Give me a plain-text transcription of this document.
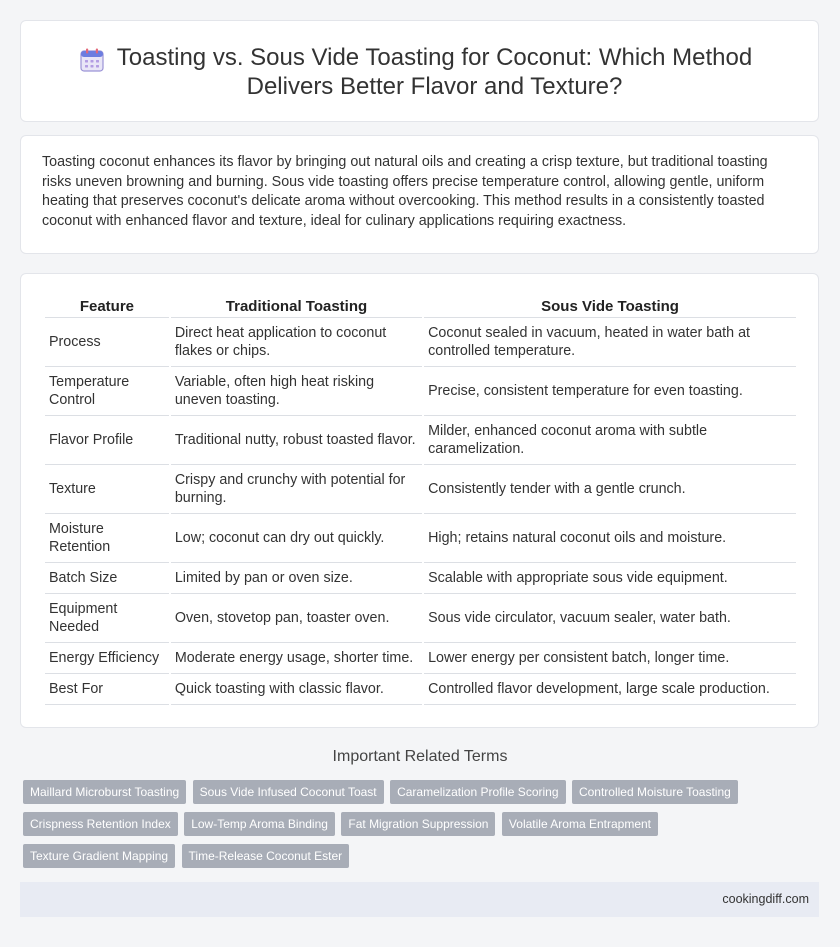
Toasting vs. Sous Vide Toasting for Coconut: Which Method Delivers Better Flavor and Texture?

Toasting coconut enhances its flavor by bringing out natural oils and creating a crisp texture, but traditional toasting risks uneven browning and burning. Sous vide toasting offers precise temperature control, allowing gentle, uniform heating that preserves coconut's delicate aroma without overcooking. This method results in a consistently toasted coconut with enhanced flavor and texture, ideal for culinary applications requiring exactness.

Feature	Traditional Toasting	Sous Vide Toasting
Process	Direct heat application to coconut flakes or chips.	Coconut sealed in vacuum, heated in water bath at controlled temperature.
Temperature Control	Variable, often high heat risking uneven toasting.	Precise, consistent temperature for even toasting.
Flavor Profile	Traditional nutty, robust toasted flavor.	Milder, enhanced coconut aroma with subtle caramelization.
Texture	Crispy and crunchy with potential for burning.	Consistently tender with a gentle crunch.
Moisture Retention	Low; coconut can dry out quickly.	High; retains natural coconut oils and moisture.
Batch Size	Limited by pan or oven size.	Scalable with appropriate sous vide equipment.
Equipment Needed	Oven, stovetop pan, toaster oven.	Sous vide circulator, vacuum sealer, water bath.
Energy Efficiency	Moderate energy usage, shorter time.	Lower energy per consistent batch, longer time.
Best For	Quick toasting with classic flavor.	Controlled flavor development, large scale production.
Important Related Terms
Maillard Microburst Toasting Sous Vide Infused Coconut Toast Caramelization Profile Scoring Controlled Moisture Toasting Crispness Retention Index Low-Temp Aroma Binding Fat Migration Suppression Volatile Aroma Entrapment Texture Gradient Mapping Time-Release Coconut Ester
cookingdiff.com
